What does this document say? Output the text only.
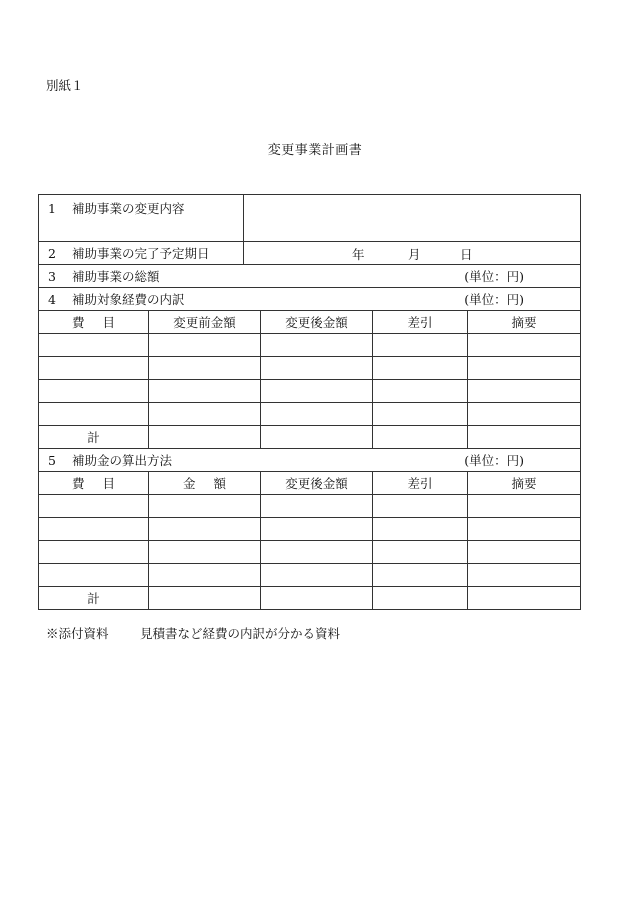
別紙１
変更事業計画書
1 補助事業の変更内容					
2 補助事業の完了予定期日		年 月 日			

3 補助事業の総額 (単位：円)					

4 補助対象経費の内訳 (単位：円)					

費目	変更前金額		変更後金額	差引	摘要

計					
5 補助金の算出方法 (単位：円)					

費目	金額		変更後金額	差引	摘要

計					
※添付資料	見積書など経費の内訳が分かる資料
